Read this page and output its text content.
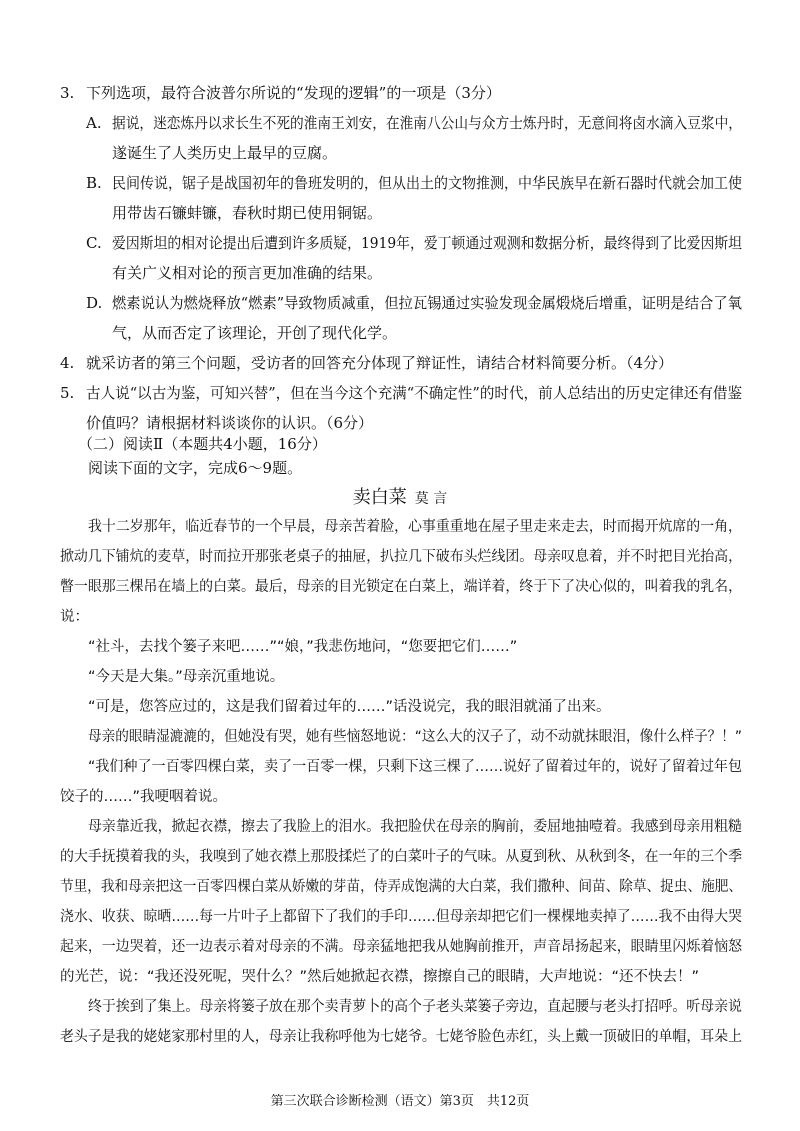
3. 下列选项，最符合波普尔所说的“发现的逻辑”的一项是（3分）
A. 据说，迷恋炼丹以求长生不死的淮南王刘安，在淮南八公山与众方士炼丹时，无意间将卤水滴入豆浆中，
遂诞生了人类历史上最早的豆腐。
B. 民间传说，锯子是战国初年的鲁班发明的，但从出土的文物推测，中华民族早在新石器时代就会加工使
用带齿石镰蚌镰，春秋时期已使用铜锯。
C. 爱因斯坦的相对论提出后遭到许多质疑，1919年，爱丁顿通过观测和数据分析，最终得到了比爱因斯坦
有关广义相对论的预言更加准确的结果。
D. 燃素说认为燃烧释放“燃素”导致物质减重，但拉瓦锡通过实验发现金属煅烧后增重，证明是结合了氧
气，从而否定了该理论，开创了现代化学。
4. 就采访者的第三个问题，受访者的回答充分体现了辩证性，请结合材料简要分析。（4分）
5. 古人说“以古为鉴，可知兴替”，但在当今这个充满“不确定性”的时代，前人总结出的历史定律还有借鉴
价值吗？请根据材料谈谈你的认识。（6分）
（二）阅读Ⅱ（本题共4小题，16分）
阅读下面的文字，完成6～9题。
卖白菜 莫 言
我十二岁那年，临近春节的一个早晨，母亲苦着脸，心事重重地在屋子里走来走去，时而揭开炕席的一角，
掀动几下铺炕的麦草，时而拉开那张老桌子的抽屉，扒拉几下破布头烂线团。母亲叹息着，并不时把目光抬高，
瞥一眼那三棵吊在墙上的白菜。最后，母亲的目光锁定在白菜上，端详着，终于下了决心似的，叫着我的乳名，
说：
“社斗，去找个篓子来吧……”“娘，”我悲伤地问，“您要把它们……”
“今天是大集。”母亲沉重地说。
“可是，您答应过的，这是我们留着过年的……”话没说完，我的眼泪就涌了出来。
母亲的眼睛湿漉漉的，但她没有哭，她有些恼怒地说：“这么大的汉子了，动不动就抹眼泪，像什么样子？！”
“我们种了一百零四棵白菜，卖了一百零一棵，只剩下这三棵了……说好了留着过年的，说好了留着过年包
饺子的……”我哽咽着说。
母亲靠近我，掀起衣襟，擦去了我脸上的泪水。我把脸伏在母亲的胸前，委屈地抽噎着。我感到母亲用粗糙
的大手抚摸着我的头，我嗅到了她衣襟上那股揉烂了的白菜叶子的气味。从夏到秋、从秋到冬，在一年的三个季
节里，我和母亲把这一百零四棵白菜从娇嫩的芽苗，侍弄成饱满的大白菜，我们撒种、间苗、除草、捉虫、施肥、
浇水、收获、晾晒……每一片叶子上都留下了我们的手印……但母亲却把它们一棵棵地卖掉了……我不由得大哭
起来，一边哭着，还一边表示着对母亲的不满。母亲猛地把我从她胸前推开，声音昂扬起来，眼睛里闪烁着恼怒
的光芒，说：“我还没死呢，哭什么？”然后她掀起衣襟，擦擦自己的眼睛，大声地说：“还不快去！”
终于挨到了集上。母亲将篓子放在那个卖青萝卜的高个子老头菜篓子旁边，直起腰与老头打招呼。听母亲说
老头子是我的姥姥家那村里的人，母亲让我称呼他为七姥爷。七姥爷脸色赤红，头上戴一顶破旧的单帽，耳朵上
第三次联合诊断检测（语文）第3页　共12页
